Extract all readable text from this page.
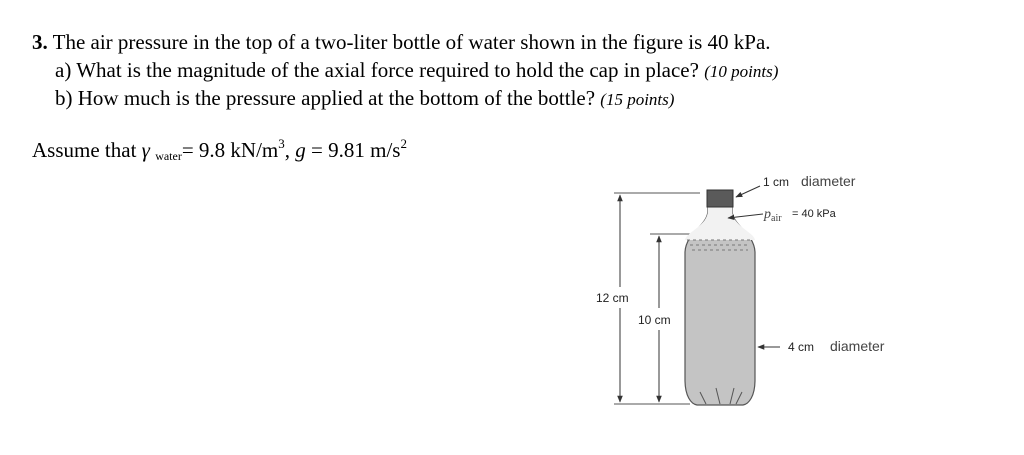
3. The air pressure in the top of a two-liter bottle of water shown in the figure is 40 kPa.
a) What is the magnitude of the axial force required to hold the cap in place? (10 points)
b) How much is the pressure applied at the bottom of the bottle? (15 points)
Assume that γ water= 9.8 $kN/m^3$, g = 9.81 $m/s^2$
12 cm
10 cm
1 cm diameter
$p_{air} = 40$ kPa
4 cm diameter
